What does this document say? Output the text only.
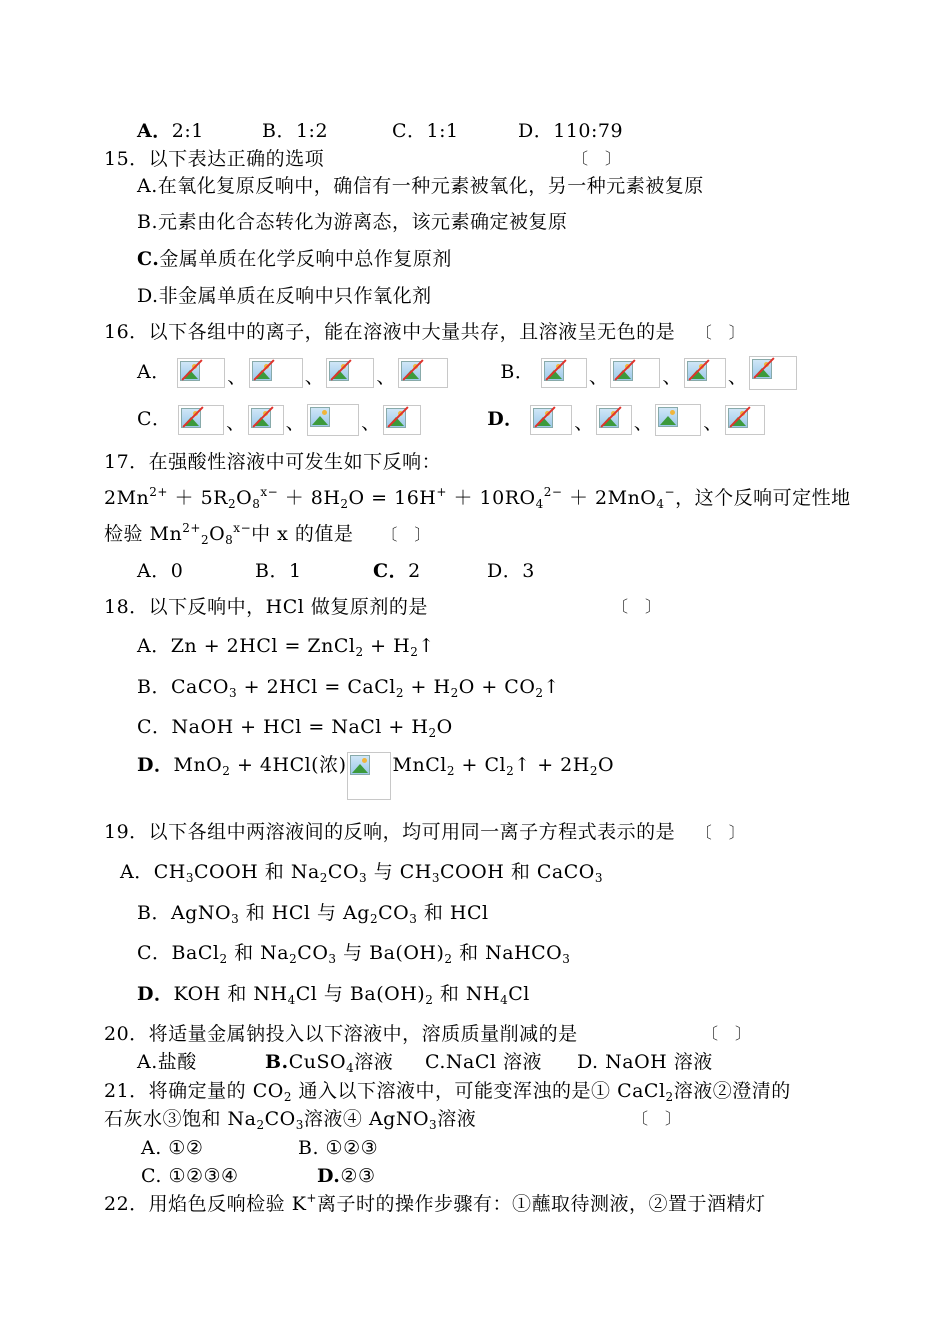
A．2:1	B．1:2	C．1:1	D．110:79
15．以下表达正确的选项	〔　〕
A.在氧化复原反响中，确信有一种元素被氧化，另一种元素被复原
B.元素由化合态转化为游离态，该元素确定被复原
C.金属单质在化学反响中总作复原剂
D.非金属单质在反响中只作氧化剂
16．以下各组中的离子，能在溶液中大量共存，且溶液呈无色的是 〔　〕
A．	、	、	、	B．	、	、 、
C．	、 、	、	D．	、 、	、
17．在强酸性溶液中可发生如下反响：
$2Mn^{2+} + 5R_2O_8^{x-} + 8H_2O = 16H^+ + 10RO_4^{2-} + 2MnO_4^-$，这个反响可定性地
检验 $Mn^{2+}_2O_8^{x-}$中 x 的值是 〔　〕
A．0	B．1	C．2	D．3
18．以下反响中，HCl 做复原剂的是	〔　〕
A．Zn + 2HCl = ZnCl$_2$ + $H_2↑$
B．CaCO$_3$ + 2HCl = CaCl$_2$ + $H_2O$ + $CO_2↑$
C．NaOH + HCl = NaCl + $H_2O$
D．MnO$_2$ + 4HCl(浓) MnCl$_2$ + $Cl_2↑ + 2H_2O$
19．以下各组中两溶液间的反响，均可用同一离子方程式表示的是 〔　〕
A．$CH_3COOH$ 和 $Na_2CO_3$ 与 $CH_3COOH$ 和 CaCO$_3$
B．AgNO$_3$ 和 HCl 与 $Ag_2CO_3$ 和 HCl
C．BaCl$_2$ 和 $Na_2CO_3$ 与 $Ba(OH)_2$ 和 NaHCO$_3$
D．KOH 和 $NH_4Cl$ 与 $Ba(OH)_2$ 和 $NH_4Cl$
20．将适量金属钠投入以下溶液中，溶质质量削减的是	〔　〕
A.盐酸	B.CuSO$_4$溶液 C.NaCl 溶液 D. NaOH 溶液
21．将确定量的 $CO_2$ 通入以下溶液中，可能变浑浊的是① CaCl$_2$溶液②澄清的
石灰水③饱和 $Na_2CO_3$溶液④ AgNO$_3$溶液	〔　〕
A. ①②	B. ①②③
C. ①②③④	D.②③
22．用焰色反响检验 K+离子时的操作步骤有：①蘸取待测液，②置于酒精灯
